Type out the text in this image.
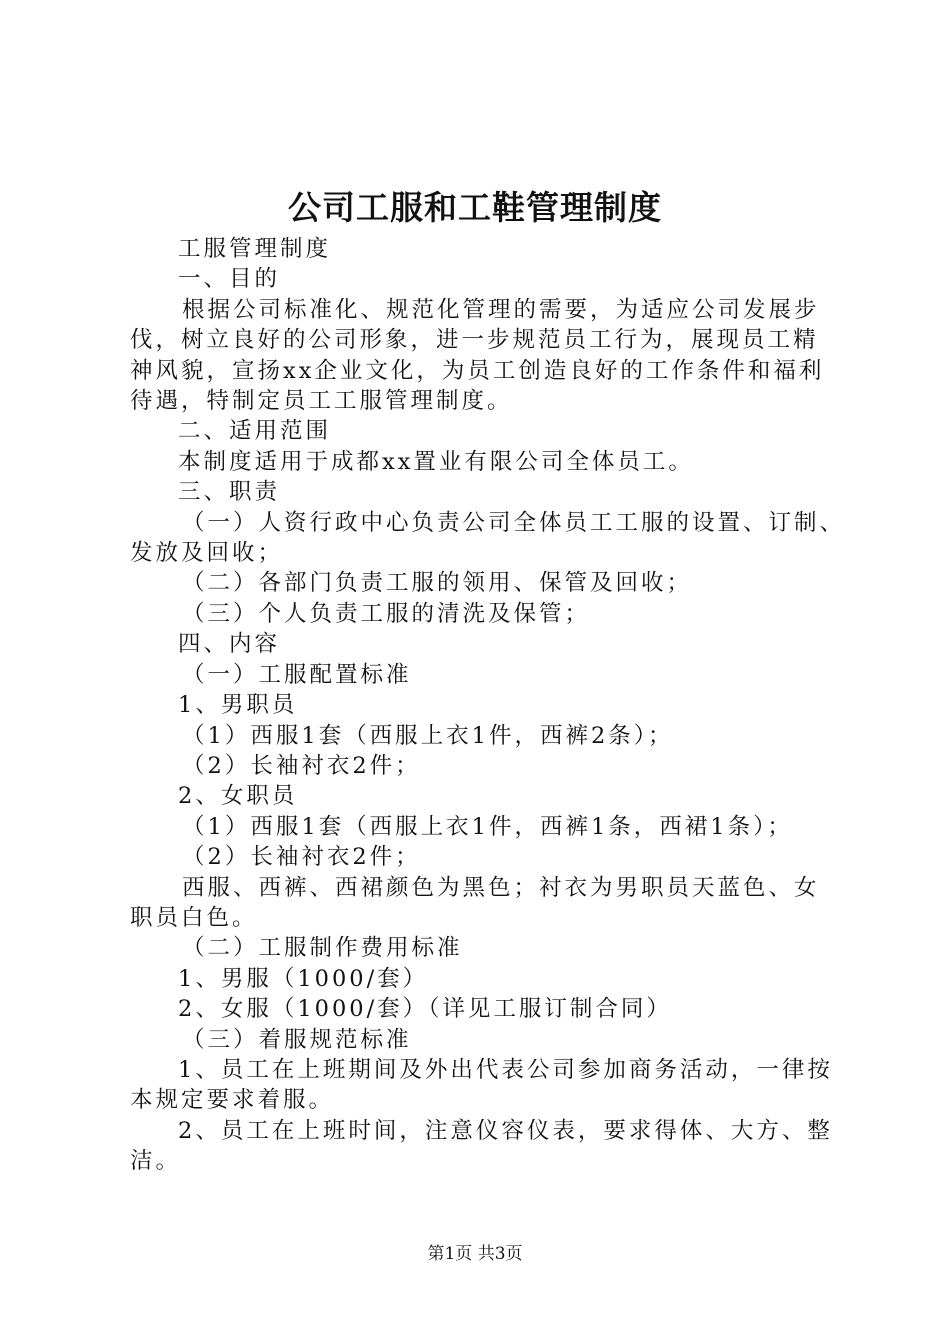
公司工服和工鞋管理制度

工服管理制度

一、目的

根据公司标准化、规范化管理的需要，为适应公司发展步

伐，树立良好的公司形象，进一步规范员工行为，展现员工精

神风貌，宣扬xx企业文化，为员工创造良好的工作条件和福利

待遇，特制定员工工服管理制度。

二、适用范围

本制度适用于成都xx置业有限公司全体员工。

三、职责

（一）人资行政中心负责公司全体员工工服的设置、订制、

发放及回收；

（二）各部门负责工服的领用、保管及回收；

（三）个人负责工服的清洗及保管；

四、内容

（一）工服配置标准

1、男职员

（1）西服1套（西服上衣1件，西裤2条）；

（2）长袖衬衣2件；

2、女职员

（1）西服1套（西服上衣1件，西裤1条，西裙1条）；

（2）长袖衬衣2件；

西服、西裤、西裙颜色为黑色；衬衣为男职员天蓝色、女

职员白色。

（二）工服制作费用标准

1、男服（1000/套）

2、女服（1000/套）（详见工服订制合同）

（三）着服规范标准

1、员工在上班期间及外出代表公司参加商务活动，一律按

本规定要求着服。

2、员工在上班时间，注意仪容仪表，要求得体、大方、整

洁。

第1页 共3页
